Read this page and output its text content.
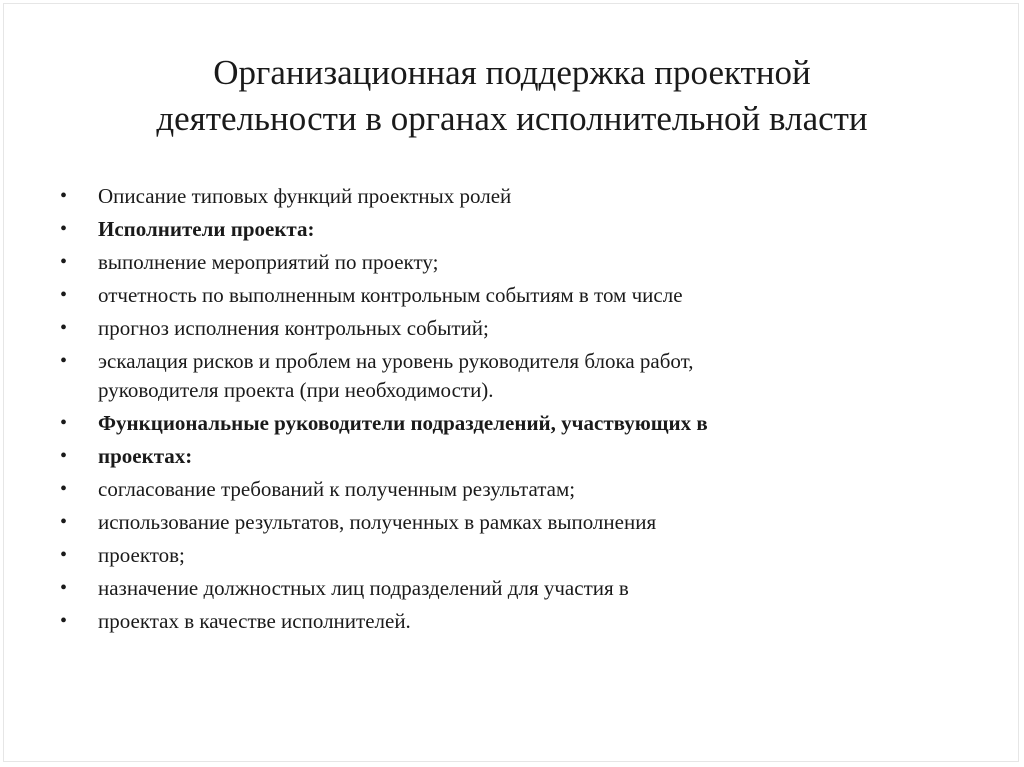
Организационная поддержка проектной
деятельности в органах исполнительной власти
•	Описание типовых функций проектных ролей
•	Исполнители проекта:
•	выполнение мероприятий по проекту;
•	отчетность по выполненным контрольным событиям в том числе
•	прогноз исполнения контрольных событий;
•	эскалация рисков и проблем на уровень руководителя блока работ,
руководителя проекта (при необходимости).
•	Функциональные руководители подразделений, участвующих в
•	проектах:
•	согласование требований к полученным результатам;
•	использование результатов, полученных в рамках выполнения
•	проектов;
•	назначение должностных лиц подразделений для участия в
•	проектах в качестве исполнителей.
